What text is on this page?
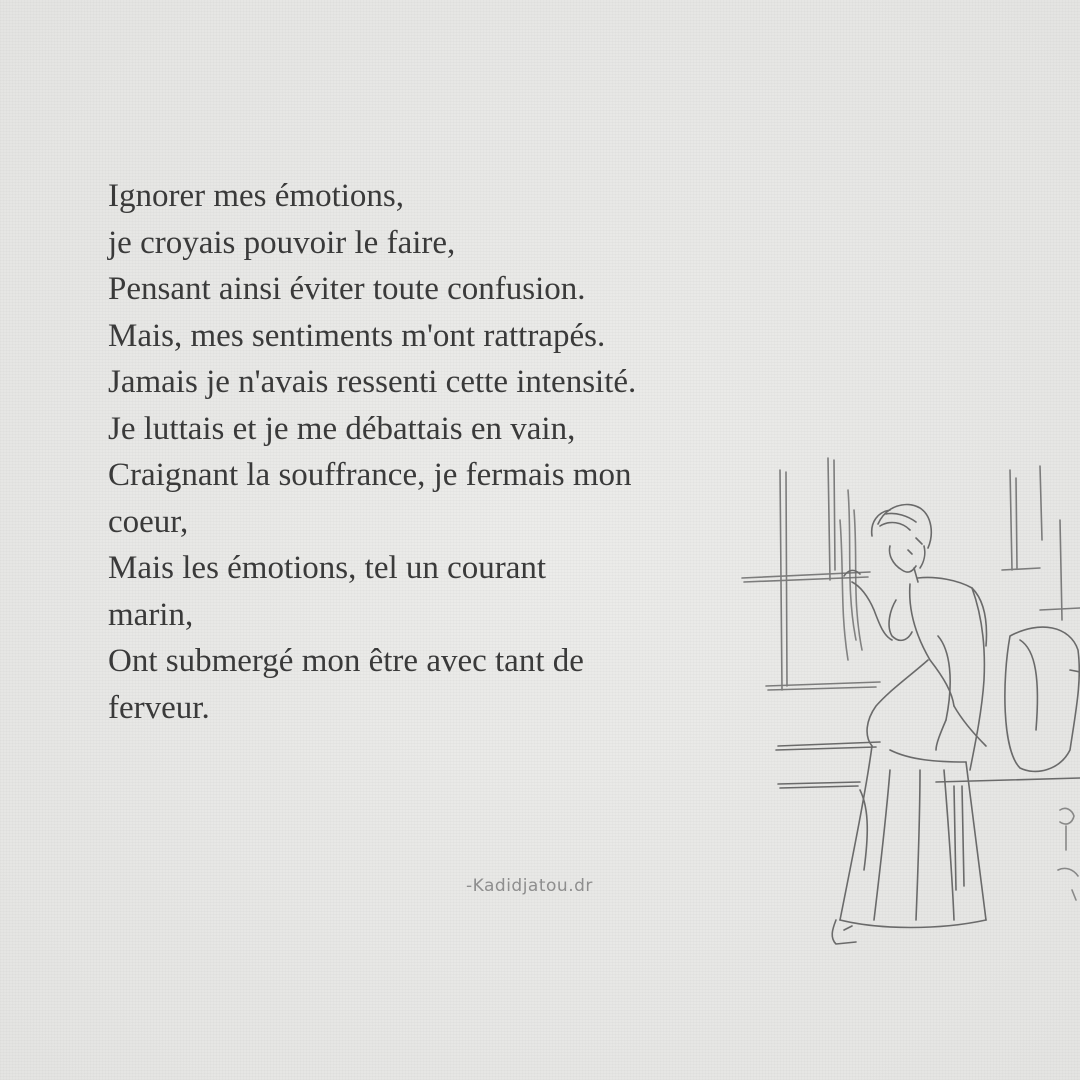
Ignorer mes émotions,
je croyais pouvoir le faire,
Pensant ainsi éviter toute confusion.
Mais, mes sentiments m'ont rattrapés.
Jamais je n'avais ressenti cette intensité.
Je luttais et je me débattais en vain,
Craignant la souffrance, je fermais mon
coeur,
Mais les émotions, tel un courant
marin,
Ont submergé mon être avec tant de
ferveur.
-Kadidjatou.dr
